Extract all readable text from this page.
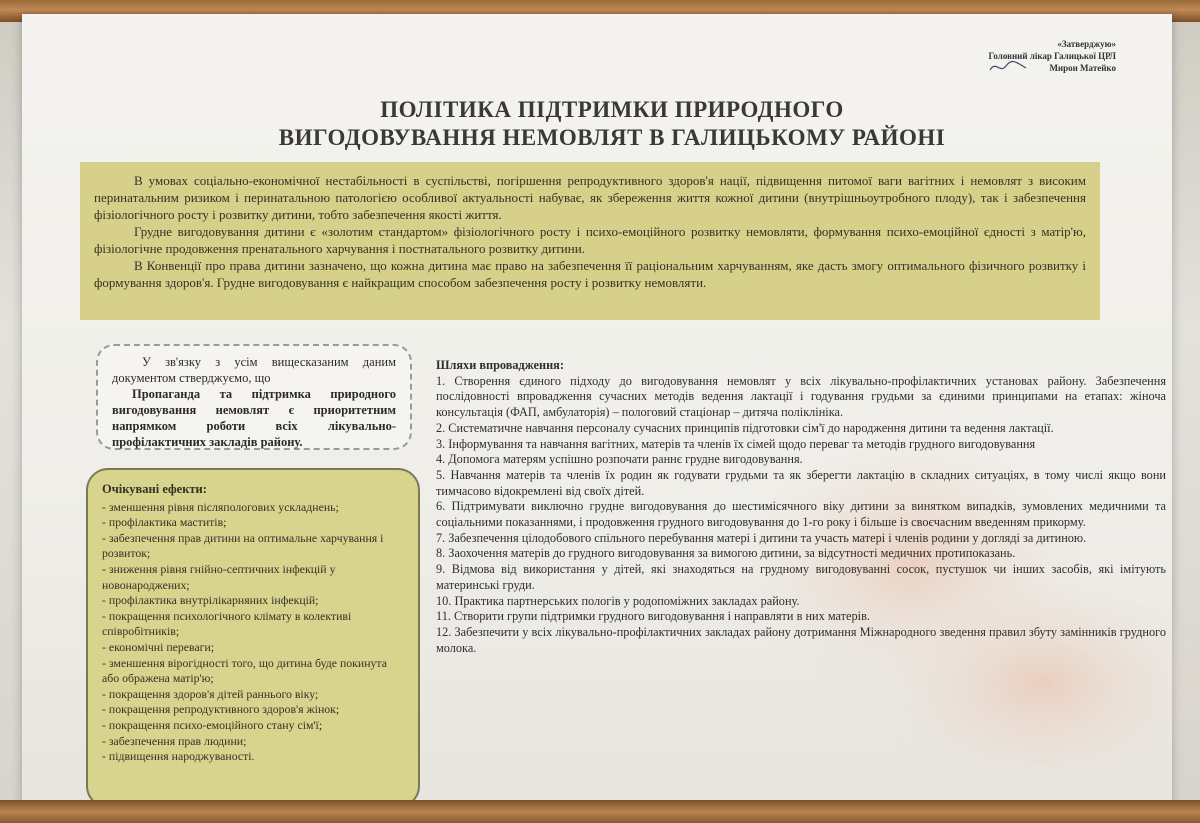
«Затверджую»
Головний лікар Галицької ЦРЛ
Мирон Матейко
ПОЛІТИКА ПІДТРИМКИ ПРИРОДНОГО
ВИГОДОВУВАННЯ НЕМОВЛЯТ В ГАЛИЦЬКОМУ РАЙОНІ

В умовах соціально-економічної нестабільності в суспільстві, погіршення репродуктивного здоров'я нації, підвищення питомої ваги вагітних і немовлят з високим перинатальним ризиком і перинатальною патологією особливої актуальності набуває, як збереження життя кожної дитини (внутрішньоутробного плоду), так і забезпечення фізіологічного росту і розвитку дитини, тобто забезпечення якості життя.

Грудне вигодовування дитини є «золотим стандартом» фізіологічного росту і психо-емоційного розвитку немовляти, формування психо-емоційної єдності з матір'ю, фізіологічне продовження пренатального харчування і постнатального розвитку дитини.

В Конвенції про права дитини зазначено, що кожна дитина має право на забезпечення її раціональним харчуванням, яке дасть змогу оптимального фізичного розвитку і формування здоров'я. Грудне вигодовування є найкращим способом забезпечення росту і розвитку немовляти.

У зв'язку з усім вищесказаним даним документом стверджуємо, що

Пропаганда та підтримка природного вигодовування немовлят є приоритетним напрямком роботи всіх лікувально-профілактичних закладів району.

Очікувані ефекти:
- зменшення рівня післяпологових ускладнень;
- профілактика маститів;
- забезпечення прав дитини на оптимальне харчування і розвиток;
- зниження рівня гнійно-септичних інфекцій у новонароджених;
- профілактика внутрілікарняних інфекцій;
- покращення психологічного клімату в колективі співробітників;
- економічні переваги;
- зменшення вірогідності того, що дитина буде покинута або ображена матір'ю;
- покращення здоров'я дітей раннього віку;
- покращення репродуктивного здоров'я жінок;
- покращення психо-емоційного стану сім'ї;
- забезпечення прав людини;
- підвищення народжуваності.
Шляхи впровадження:
1. Створення єдиного підходу до вигодовування немовлят у всіх лікувально-профілактичних установах району. Забезпечення послідовності впровадження сучасних методів ведення лактації і годування грудьми за єдиними принципами на етапах: жіноча консультація (ФАП, амбулаторія) – пологовий стаціонар – дитяча поліклініка.
2. Систематичне навчання персоналу сучасних принципів підготовки сім'ї до народження дитини та ведення лактації.
3. Інформування та навчання вагітних, матерів та членів їх сімей щодо переваг та методів грудного вигодовування
4. Допомога матерям успішно розпочати раннє грудне вигодовування.
5. Навчання матерів та членів їх родин як годувати грудьми та як зберегти лактацію в складних ситуаціях, в тому числі якщо вони тимчасово відокремлені від своїх дітей.
6. Підтримувати виключно грудне вигодовування до шестимісячного віку дитини за винятком випадків, зумовлених медичними та соціальними показаннями, і продовження грудного вигодовування до 1-го року і більше із своєчасним введенням прикорму.
7. Забезпечення цілодобового спільного перебування матері і дитини та участь матері і членів родини у догляді за дитиною.
8. Заохочення матерів до грудного вигодовування за вимогою дитини, за відсутності медичних протипоказань.
9. Відмова від використання у дітей, які знаходяться на грудному вигодовуванні сосок, пустушок чи інших засобів, які імітують материнські груди.
10. Практика партнерських пологів у родопоміжних закладах району.
11. Створити групи підтримки грудного вигодовування і направляти в них матерів.
12. Забезпечити у всіх лікувально-профілактичних закладах району дотримання Міжнародного зведення правил збуту замінників грудного молока.
